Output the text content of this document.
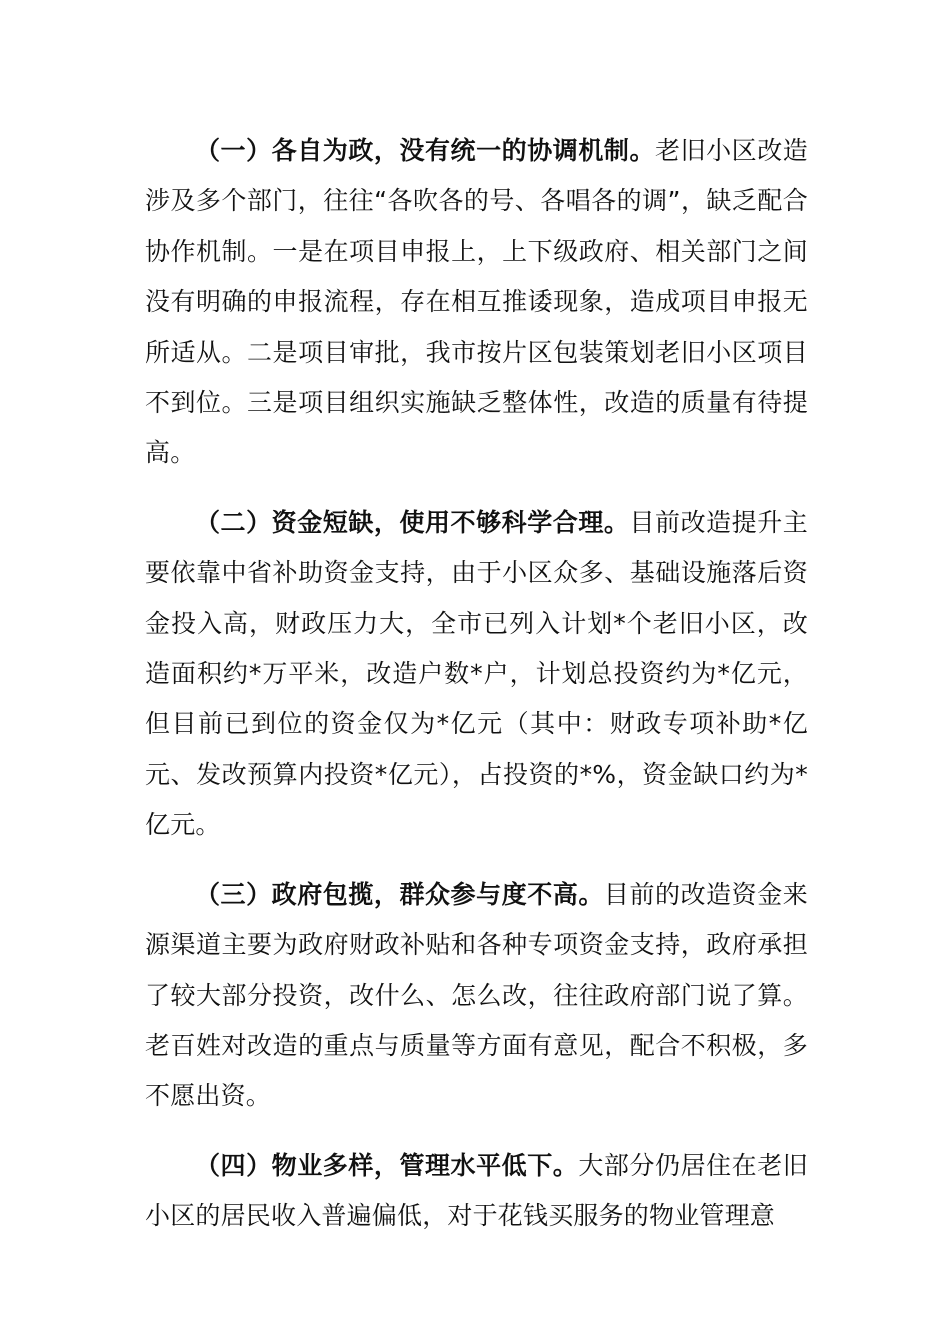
（一）各自为政，没有统一的协调机制。老旧小区改造涉及多个部门，往往“各吹各的号、各唱各的调”，缺乏配合协作机制。一是在项目申报上，上下级政府、相关部门之间没有明确的申报流程，存在相互推诿现象，造成项目申报无所适从。二是项目审批，我市按片区包装策划老旧小区项目不到位。三是项目组织实施缺乏整体性，改造的质量有待提高。

（二）资金短缺，使用不够科学合理。目前改造提升主要依靠中省补助资金支持，由于小区众多、基础设施落后资金投入高，财政压力大，全市已列入计划*个老旧小区，改造面积约*万平米，改造户数*户，计划总投资约为*亿元，但目前已到位的资金仅为*亿元（其中：财政专项补助*亿元、发改预算内投资*亿元），占投资的*%，资金缺口约为*亿元。

（三）政府包揽，群众参与度不高。目前的改造资金来源渠道主要为政府财政补贴和各种专项资金支持，政府承担了较大部分投资，改什么、怎么改，往往政府部门说了算。老百姓对改造的重点与质量等方面有意见，配合不积极，多不愿出资。

（四）物业多样，管理水平低下。大部分仍居住在老旧小区的居民收入普遍偏低，对于花钱买服务的物业管理意
